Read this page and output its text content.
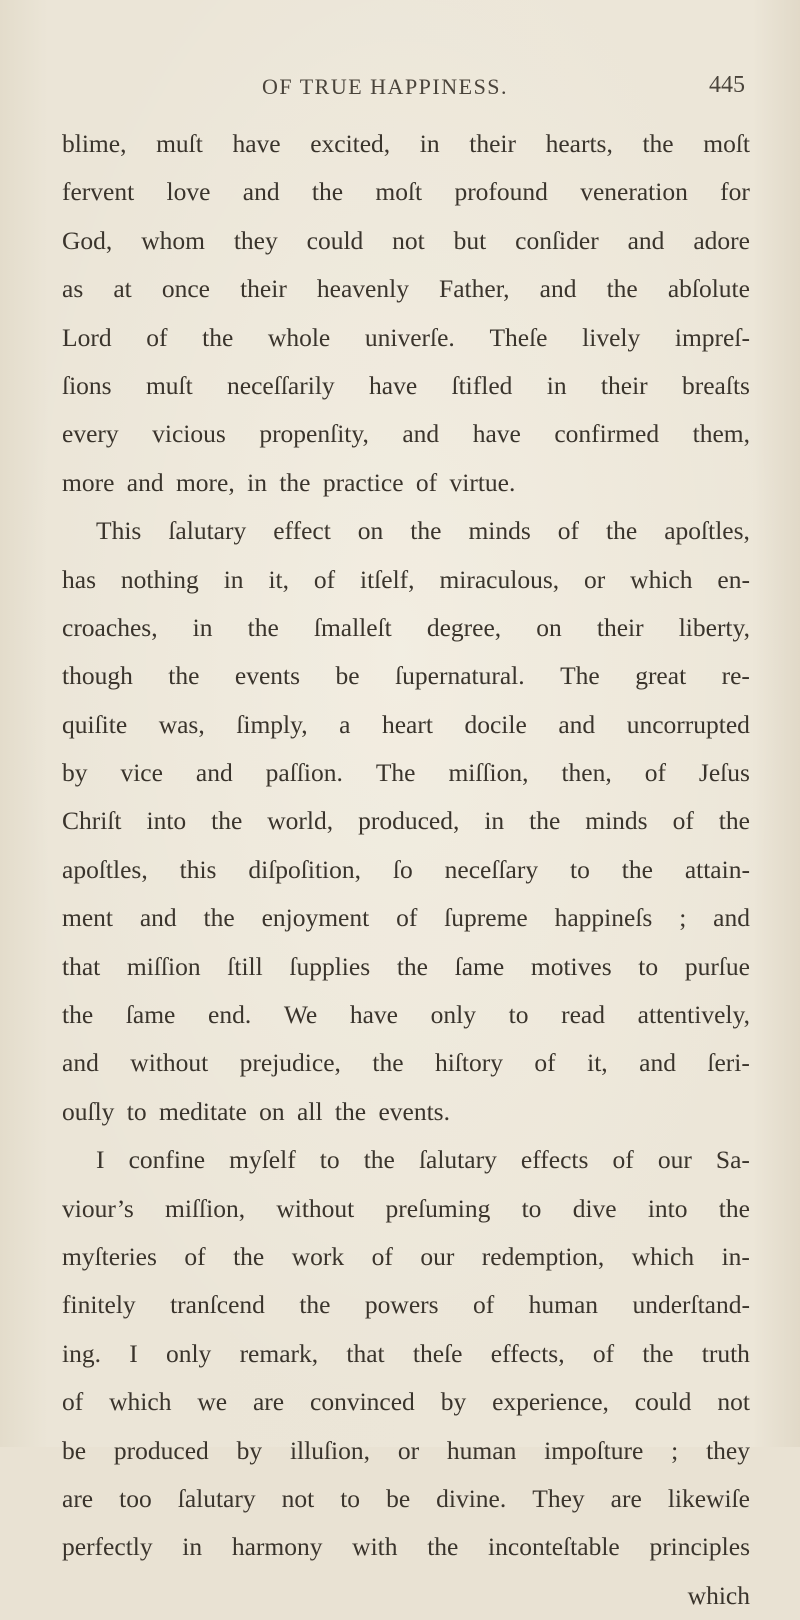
OF TRUE HAPPINESS.	445
blime, muſt have excited, in their hearts, the moſt
fervent love and the moſt profound veneration for
God, whom they could not but conſider and adore
as at once their heavenly Father, and the abſolute
Lord of the whole univerſe. Theſe lively impreſ-
ſions muſt neceſſarily have ſtifled in their breaſts
every vicious propenſity, and have confirmed them,
more and more, in the practice of virtue.
This ſalutary effect on the minds of the apoſtles,
has nothing in it, of itſelf, miraculous, or which en-
croaches, in the ſmalleſt degree, on their liberty,
though the events be ſupernatural. The great re-
quiſite was, ſimply, a heart docile and uncorrupted
by vice and paſſion. The miſſion, then, of Jeſus
Chriſt into the world, produced, in the minds of the
apoſtles, this diſpoſition, ſo neceſſary to the attain-
ment and the enjoyment of ſupreme happineſs ; and
that miſſion ſtill ſupplies the ſame motives to purſue
the ſame end. We have only to read attentively,
and without prejudice, the hiſtory of it, and ſeri-
ouſly to meditate on all the events.
I confine myſelf to the ſalutary effects of our Sa-
viour’s miſſion, without preſuming to dive into the
myſteries of the work of our redemption, which in-
finitely tranſcend the powers of human underſtand-
ing. I only remark, that theſe effects, of the truth
of which we are convinced by experience, could not
be produced by illuſion, or human impoſture ; they
are too ſalutary not to be divine. They are likewiſe
perfectly in harmony with the inconteſtable principles
which
